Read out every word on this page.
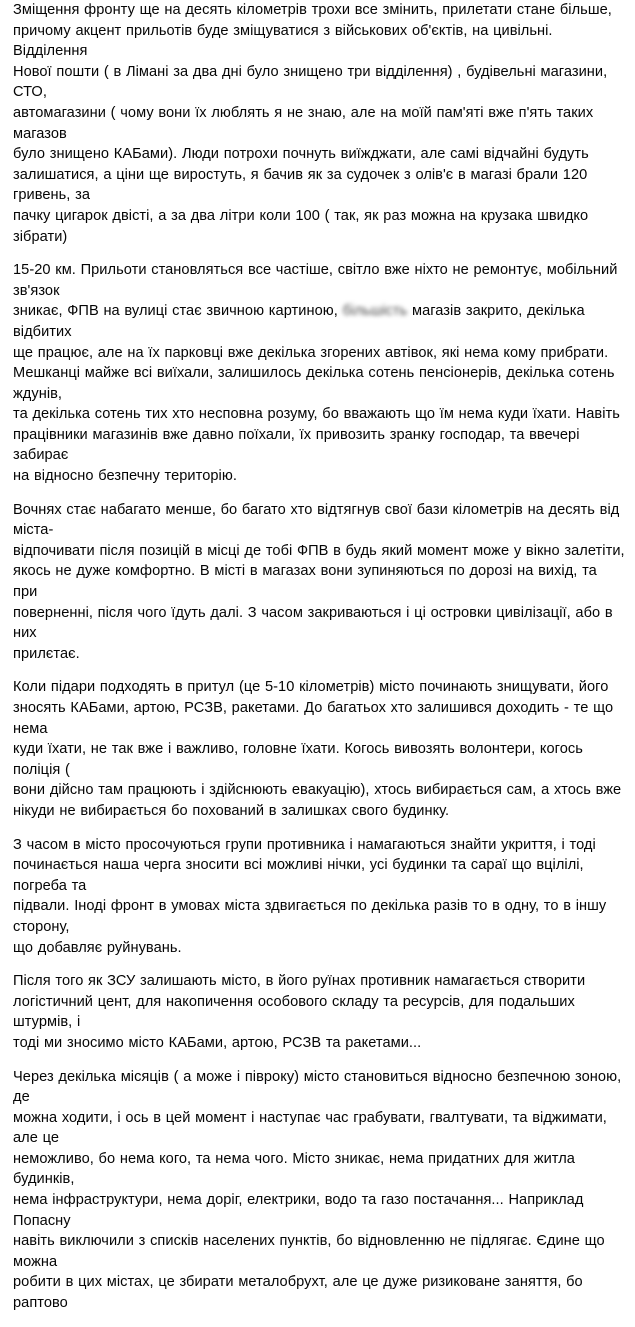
Зміщення фронту ще на десять кілометрів трохи все змінить, прилетати стане більше,
причому акцент прильотів буде зміщуватися з військових об'єктів, на цивільні. Відділення
Нової пошти ( в Лімані за два дні було знищено три відділення) , будівельні магазини, СТО,
автомагазини ( чому вони їх люблять я не знаю, але на моїй пам'яті вже п'ять таких магазов
було знищено КАБами). Люди потрохи почнуть виїжджати, але самі відчайні будуть
залишатися, а ціни ще виростуть, я бачив як за судочек з олів'є в магазі брали 120 гривень, за
пачку цигарок двісті, а за два літри коли 100 ( так, як раз можна на крузака швидко зібрати)

15-20 км. Прильоти становляться все частіше, світло вже ніхто не ремонтує, мобільний зв'язок
зникає, ФПВ на вулиці стає звичною картиною, більшість магазів закрито, декілька відбитих
ще працює, але на їх парковці вже декілька згорених автівок, які нема кому прибрати.
Мешканці майже всі виїхали, залишилось декілька сотень пенсіонерів, декілька сотень ждунів,
та декілька сотень тих хто несповна розуму, бо вважають що їм нема куди їхати. Навіть
працівники магазинів вже давно поїхали, їх привозить зранку господар, та ввечері забирає
на відносно безпечну територію.

Вочнях стає набагато менше, бо багато хто відтягнув свої бази кілометрів на десять від міста-
відпочивати після позицій в місці де тобі ФПВ в будь який момент може у вікно залетіти,
якось не дуже комфортно. В місті в магазах вони зупиняються по дорозі на вихід, та при
поверненні, після чого їдуть далі. З часом закриваються і ці островки цивілізації, або в них
прилєтає.

Коли підари подходять в притул (це 5-10 кілометрів) місто починають знищувати, його
зносять КАБами, артою, РСЗВ, ракетами. До багатьох хто залишився доходить - те що нема
куди їхати, не так вже і важливо, головне їхати. Когось вивозять волонтери, когось поліція (
вони дійсно там працюють і здійснюють евакуацію), хтось вибирається сам, а хтось вже
нікуди не вибирається бо похований в залишках свого будинку.

З часом в місто просочуються групи противника і намагаються знайти укриття, і тоді
починається наша черга зносити всі можливі нічки, усі будинки та сараї що вцілілі, погреба та
підвали. Іноді фронт в умовах міста здвигається по декілька разів то в одну, то в іншу сторону,
що добавляє руйнувань.

Після того як ЗСУ залишають місто, в його руїнах противник намагається створити
логістичний цент, для накопичення особового складу та ресурсів, для подальших штурмів, і
тоді ми зносимо місто КАБами, артою, РСЗВ та ракетами...

Через декілька місяців ( а може і півроку) місто становиться відносно безпечною зоною, де
можна ходити, і ось в цей момент і наступає час грабувати, гвалтувати, та віджимати, але це
неможливо, бо нема кого, та нема чого. Місто зникає, нема придатних для житла будинків,
нема інфраструктури, нема доріг, електрики, водо та газо постачання... Наприклад Попасну
навіть виключили з списків населених пунктів, бо відновленню не підлягає. Єдине що можна
робити в цих містах, це збирати металобрухт, але це дуже ризиковане заняття, бо раптово
